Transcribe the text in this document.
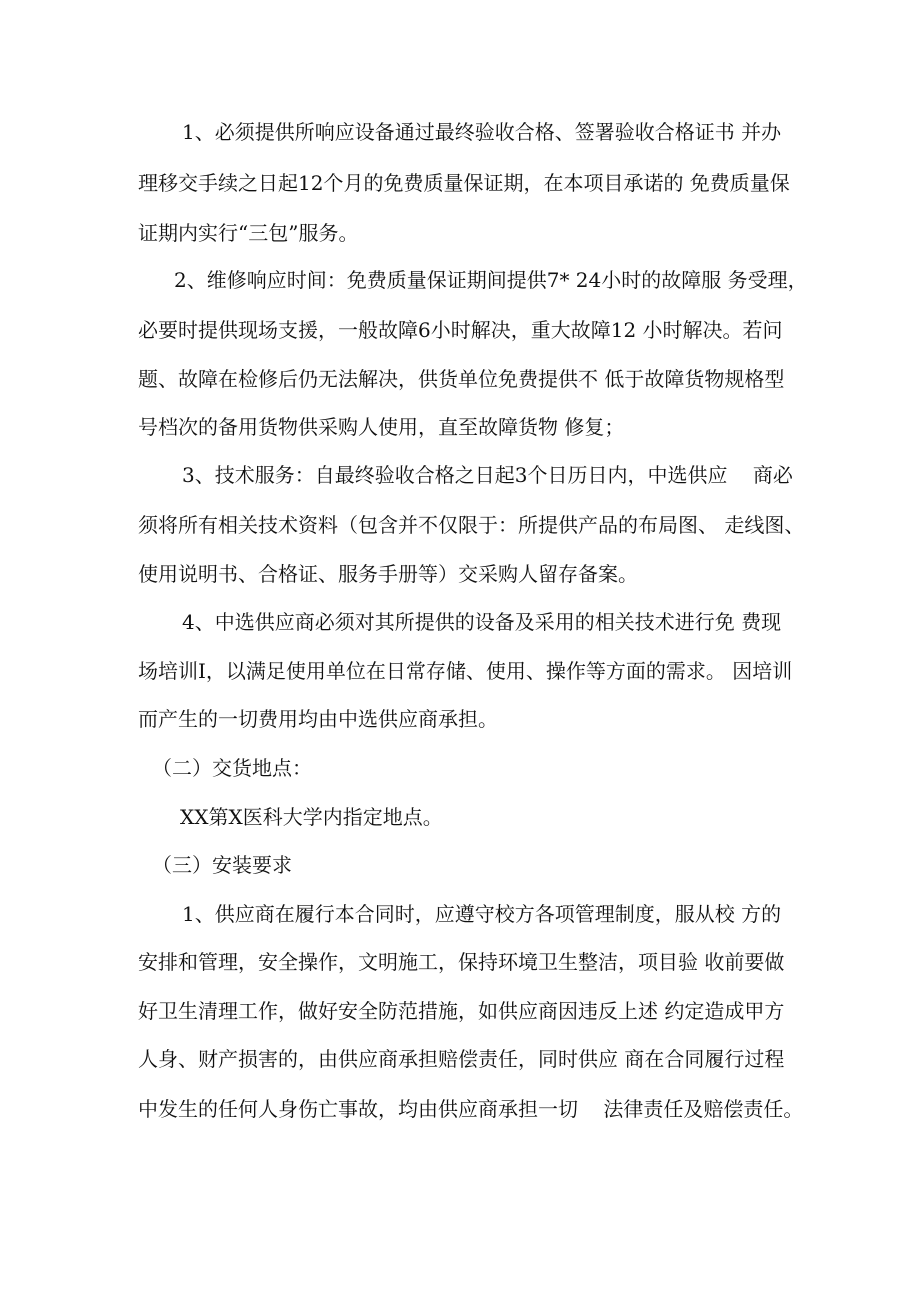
1、必须提供所响应设备通过最终验收合格、签署验收合格证书 并办
理移交手续之日起12个月的免费质量保证期，在本项目承诺的 免费质量保
证期内实行“三包”服务。
2、维修响应时间：免费质量保证期间提供7* 24小时的故障服 务受理，
必要时提供现场支援，一般故障6小时解决，重大故障12 小时解决。若问
题、故障在检修后仍无法解决，供货单位免费提供不 低于故障货物规格型
号档次的备用货物供采购人使用，直至故障货物 修复；
3、技术服务：自最终验收合格之日起3个日历日内，中选供应    商必
须将所有相关技术资料（包含并不仅限于：所提供产品的布局图、 走线图、
使用说明书、合格证、服务手册等）交采购人留存备案。
4、中选供应商必须对其所提供的设备及采用的相关技术进行免 费现
场培训I，以满足使用单位在日常存储、使用、操作等方面的需求。 因培训
而产生的一切费用均由中选供应商承担。
（二）交货地点：
XX第X医科大学内指定地点。
（三）安装要求
1、供应商在履行本合同时，应遵守校方各项管理制度，服从校 方的
安排和管理，安全操作，文明施工，保持环境卫生整洁，项目验 收前要做
好卫生清理工作，做好安全防范措施，如供应商因违反上述 约定造成甲方
人身、财产损害的，由供应商承担赔偿责任，同时供应 商在合同履行过程
中发生的任何人身伤亡事故，均由供应商承担一切    法律责任及赔偿责任。
